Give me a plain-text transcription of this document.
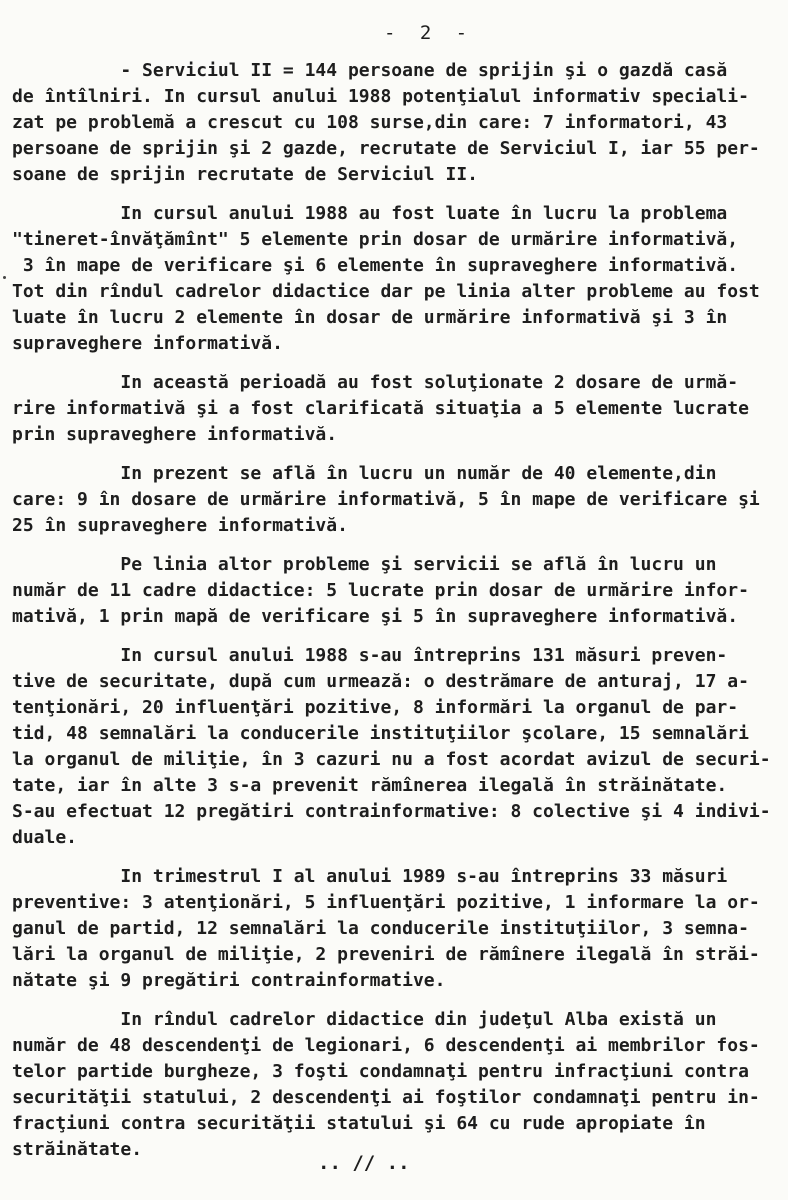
-  2  -
- Serviciul II = 144 persoane de sprijin şi o gazdă casă
de întîlniri. In cursul anului 1988 potenţialul informativ speciali-
zat pe problemă a crescut cu 108 surse,din care: 7 informatori, 43
persoane de sprijin şi 2 gazde, recrutate de Serviciul I, iar 55 per-
soane de sprijin recrutate de Serviciul II.
In cursul anului 1988 au fost luate în lucru la problema
"tineret-învăţămînt" 5 elemente prin dosar de urmărire informativă,
3 în mape de verificare şi 6 elemente în supraveghere informativă.
Tot din rîndul cadrelor didactice dar pe linia alter probleme au fost
luate în lucru 2 elemente în dosar de urmărire informativă şi 3 în
supraveghere informativă.
In această perioadă au fost soluţionate 2 dosare de urmă-
rire informativă şi a fost clarificată situaţia a 5 elemente lucrate
prin supraveghere informativă.
In prezent se află în lucru un număr de 40 elemente,din
care: 9 în dosare de urmărire informativă, 5 în mape de verificare şi
25 în supraveghere informativă.
Pe linia altor probleme şi servicii se află în lucru un
număr de 11 cadre didactice: 5 lucrate prin dosar de urmărire infor-
mativă, 1 prin mapă de verificare şi 5 în supraveghere informativă.
In cursul anului 1988 s-au întreprins 131 măsuri preven-
tive de securitate, după cum urmează: o destrămare de anturaj, 17 a-
tenţionări, 20 influenţări pozitive, 8 informări la organul de par-
tid, 48 semnalări la conducerile instituţiilor şcolare, 15 semnalări
la organul de miliţie, în 3 cazuri nu a fost acordat avizul de securi-
tate, iar în alte 3 s-a prevenit rămînerea ilegală în străinătate.
S-au efectuat 12 pregătiri contrainformative: 8 colective şi 4 indivi-
duale.
In trimestrul I al anului 1989 s-au întreprins 33 măsuri
preventive: 3 atenţionări, 5 influenţări pozitive, 1 informare la or-
ganul de partid, 12 semnalări la conducerile instituţiilor, 3 semna-
lări la organul de miliţie, 2 preveniri de rămînere ilegală în străi-
nătate şi 9 pregătiri contrainformative.
In rîndul cadrelor didactice din judeţul Alba există un
număr de 48 descendenţi de legionari, 6 descendenţi ai membrilor fos-
telor partide burgheze, 3 foşti condamnaţi pentru infracţiuni contra
securităţii statului, 2 descendenţi ai foştilor condamnaţi pentru in-
fracţiuni contra securităţii statului şi 64 cu rude apropiate în
străinătate.
.. // ..
